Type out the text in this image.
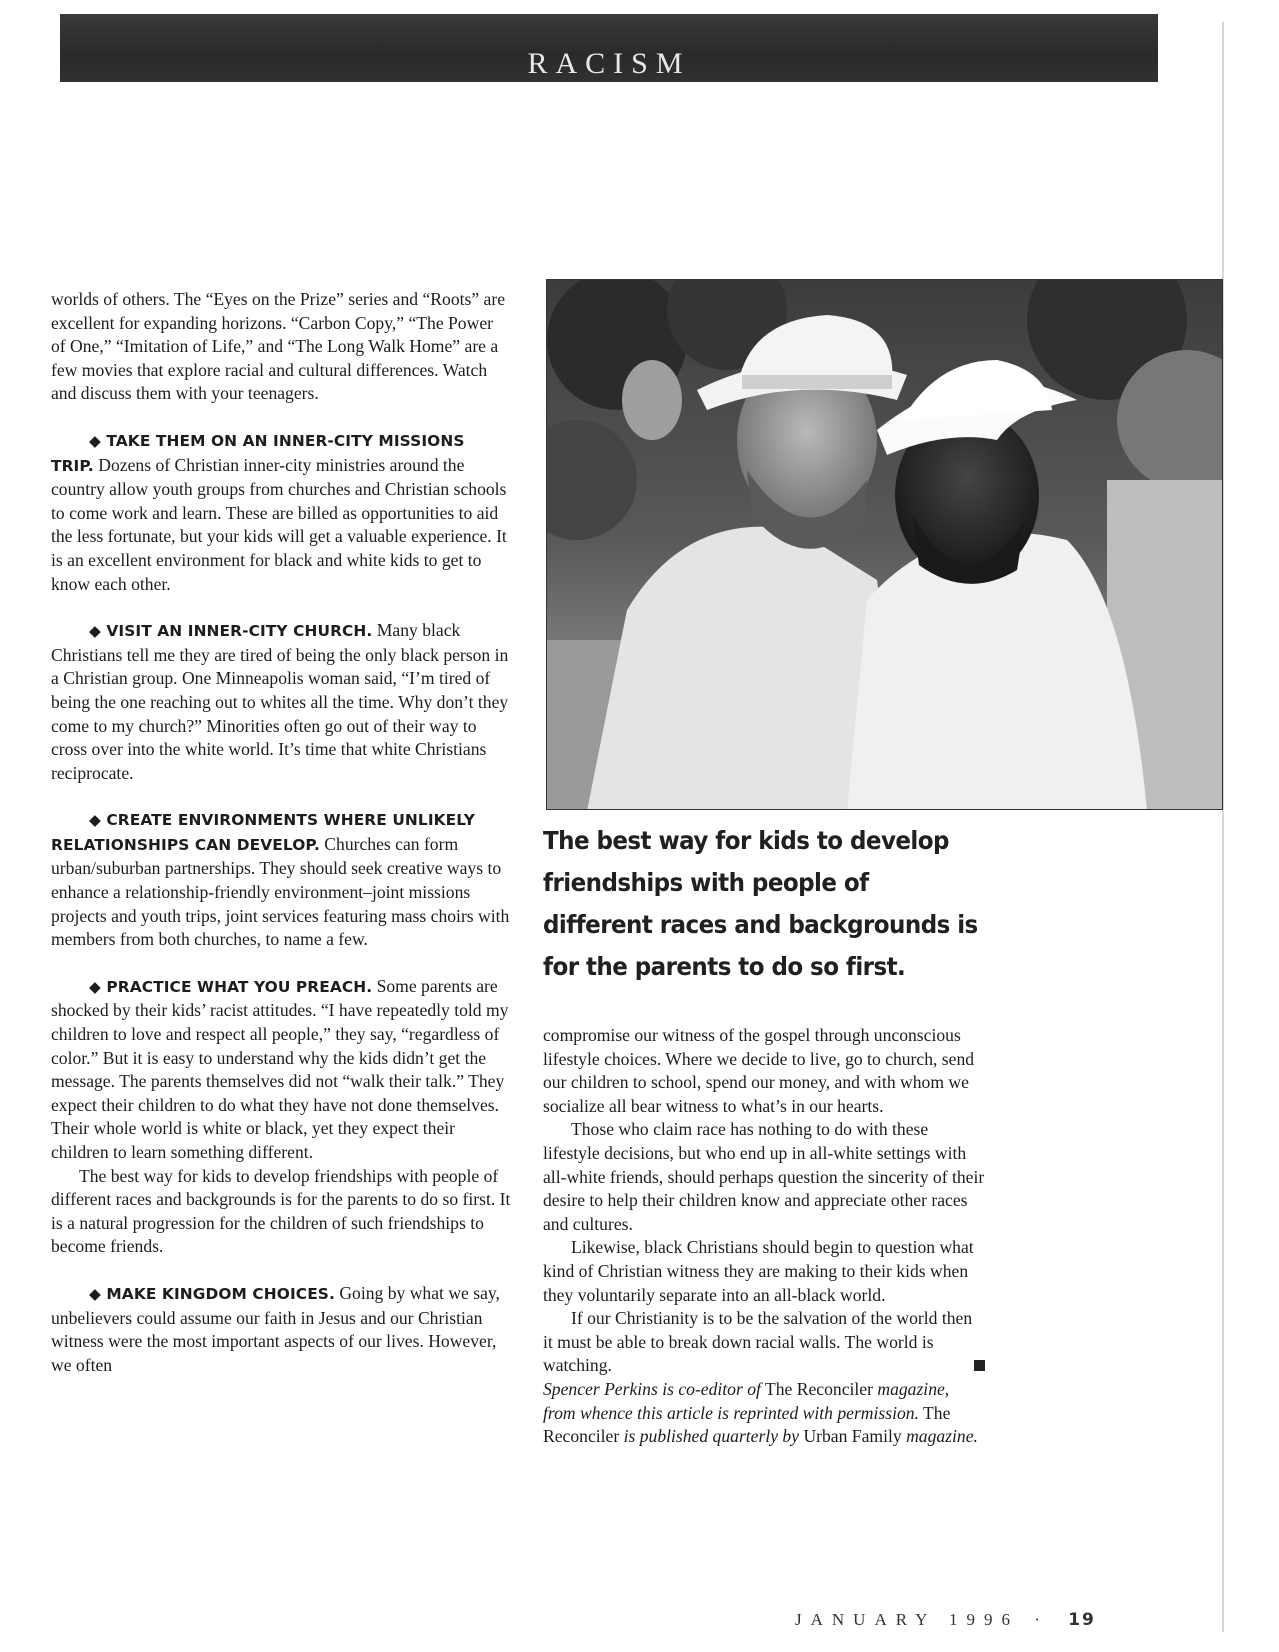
RACISM

worlds of others. The “Eyes on the Prize” series and “Roots” are excellent for expanding horizons. “Carbon Copy,” “The Power of One,” “Imitation of Life,” and “The Long Walk Home” are a few movies that explore racial and cultural differences. Watch and discuss them with your teenagers.

◆ TAKE THEM ON AN INNER-CITY MISSIONS TRIP. Dozens of Christian inner-city ministries around the country allow youth groups from churches and Christian schools to come work and learn. These are billed as opportunities to aid the less fortunate, but your kids will get a valuable experience. It is an excellent environment for black and white kids to get to know each other.

◆ VISIT AN INNER-CITY CHURCH. Many black Christians tell me they are tired of being the only black person in a Christian group. One Minneapolis woman said, “I’m tired of being the one reaching out to whites all the time. Why don’t they come to my church?” Minorities often go out of their way to cross over into the white world. It’s time that white Christians reciprocate.

◆ CREATE ENVIRONMENTS WHERE UNLIKELY RELATIONSHIPS CAN DEVELOP. Churches can form urban/suburban partnerships. They should seek creative ways to enhance a relationship-friendly environment–joint missions projects and youth trips, joint services featuring mass choirs with members from both churches, to name a few.

◆ PRACTICE WHAT YOU PREACH. Some parents are shocked by their kids’ racist attitudes. “I have repeatedly told my children to love and respect all people,” they say, “regardless of color.” But it is easy to understand why the kids didn’t get the message. The parents themselves did not “walk their talk.” They expect their children to do what they have not done themselves. Their whole world is white or black, yet they expect their children to learn something different.

The best way for kids to develop friendships with people of different races and backgrounds is for the parents to do so first. It is a natural progression for the children of such friendships to become friends.

◆ MAKE KINGDOM CHOICES. Going by what we say, unbelievers could assume our faith in Jesus and our Christian witness were the most important aspects of our lives. However, we often

The best way for kids to develop friendships with people of different races and backgrounds is for the parents to do so first.

compromise our witness of the gospel through unconscious lifestyle choices. Where we decide to live, go to church, send our children to school, spend our money, and with whom we socialize all bear witness to what’s in our hearts.

Those who claim race has nothing to do with these lifestyle decisions, but who end up in all-white settings with all-white friends, should perhaps question the sincerity of their desire to help their children know and appreciate other races and cultures.

Likewise, black Christians should begin to question what kind of Christian witness they are making to their kids when they voluntarily separate into an all-black world.

If our Christianity is to be the salvation of the world then it must be able to break down racial walls. The world is watching.

Spencer Perkins is co-editor of The Reconciler magazine, from whence this article is reprinted with permission. The Reconciler is published quarterly by Urban Family magazine.

JANUARY 1996 · 19
